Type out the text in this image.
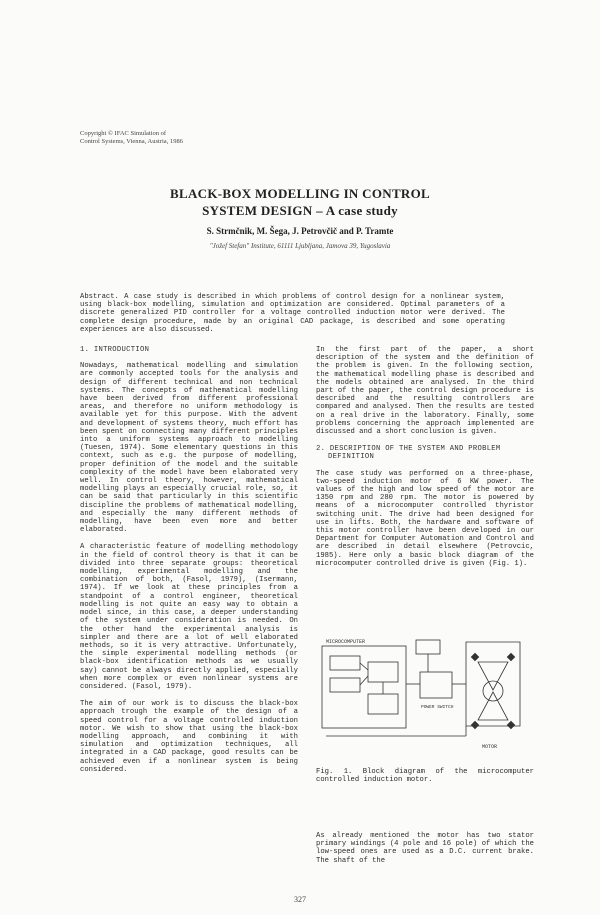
Copyright © IFAC Simulation of
Control Systems, Vienna, Austria, 1986
BLACK-BOX MODELLING IN CONTROL
SYSTEM DESIGN – A case study
S. Strmčnik, M. Šega, J. Petrovčič and P. Tramte
"Jožef Stefan" Institute, 61111 Ljubljana, Jamova 39, Yugoslavia
Abstract. A case study is described in which problems of control design for a nonlinear system, using black-box modelling, simulation and optimization are considered. Optimal parameters of a discrete generalized PID controller for a voltage controlled induction motor were derived. The complete design procedure, made by an original CAD package, is described and some operating experiences are also discussed.
1. INTRODUCTION

Nowadays, mathematical modelling and simulation are commonly accepted tools for the analysis and design of different technical and non technical systems. The concepts of mathematical modelling have been derived from different professional areas, and therefore no uniform methodology is available yet for this purpose. With the advent and development of systems theory, much effort has been spent on connecting many different principles into a uniform systems approach to modelling (Tuesen, 1974). Some elementary questions in this context, such as e.g. the purpose of modelling, proper definition of the model and the suitable complexity of the model have been elaborated very well. In control theory, however, mathematical modelling plays an especially crucial role, so, it can be said that particularly in this scientific discipline the problems of mathematical modelling, and especially the many different methods of modelling, have been even more and better elaborated.

A characteristic feature of modelling methodology in the field of control theory is that it can be divided into three separate groups: theoretical modelling, experimental modelling and the combination of both, (Fasol, 1979), (Isermann, 1974). If we look at these principles from a standpoint of a control engineer, theoretical modelling is not quite an easy way to obtain a model since, in this case, a deeper understanding of the system under consideration is needed. On the other hand the experimental analysis is simpler and there are a lot of well elaborated methods, so it is very attractive. Unfortunately, the simple experimental modelling methods (or black-box identification methods as we usually say) cannot be always directly applied, especially when more complex or even nonlinear systems are considered. (Fasol, 1979).

The aim of our work is to discuss the black-box approach trough the example of the design of a speed control for a voltage controlled induction motor. We wish to show that using the black-box modelling approach, and combining it with simulation and optimization techniques, all integrated in a CAD package, good results can be achieved even if a nonlinear system is being considered.

In the first part of the paper, a short description of the system and the definition of the problem is given. In the following section, the mathematical modelling phase is described and the models obtained are analysed. In the third part of the paper, the control design procedure is described and the resulting controllers are compared and analysed. Then the results are tested on a real drive in the laboratory. Finally, some problems concerning the approach implemented are discussed and a short conclusion is given.

2. DESCRIPTION OF THE SYSTEM AND PROBLEM
DEFINITION

The case study was performed on a three-phase, two-speed induction motor of 6 KW power. The values of the high and low speed of the motor are 1350 rpm and 280 rpm. The motor is powered by means of a microcomputer controlled thyristor switching unit. The drive had been designed for use in lifts. Both, the hardware and software of this motor controller have been developed in our Department for Computer Automation and Control and are described in detail elsewhere (Petrovcic, 1985). Here only a basic block diagram of the microcomputer controlled drive is given (Fig. 1).

MICROCOMPUTER
POWER SWITCH
MOTOR
Fig. 1. Block diagram of the microcomputer controlled induction motor.
As already mentioned the motor has two stator primary windings (4 pole and 16 pole) of which the low-speed ones are used as a D.C. current brake. The shaft of the
327
